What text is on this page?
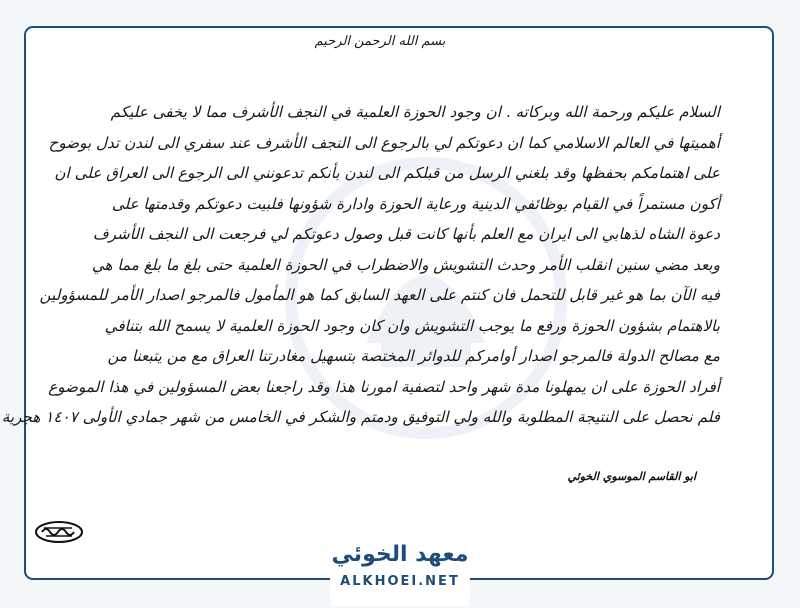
بسم الله الرحمن الرحيم
السلام عليكم ورحمة الله وبركاته . ان وجود الحوزة العلمية في النجف الأشرف مما لا يخفى عليكم
أهميتها في العالم الاسلامي كما ان دعوتكم لي بالرجوع الى النجف الأشرف عند سفري الى لندن تدل بوضوح
على اهتمامكم بحفظها وقد بلغني الرسل من قبلكم الى لندن بأنكم تدعونني الى الرجوع الى العراق على ان
أكون مستمراً في القيام بوظائفي الدينية ورعاية الحوزة وادارة شؤونها فلبيت دعوتكم وقدمتها على
دعوة الشاه لذهابي الى ايران مع العلم بأنها كانت قبل وصول دعوتكم لي فرجعت الى النجف الأشرف
وبعد مضي سنين انقلب الأمر وحدث التشويش والاضطراب في الحوزة العلمية حتى بلغ ما بلغ مما هي
فيه الآن بما هو غير قابل للتحمل فان كنتم على العهد السابق كما هو المأمول فالمرجو اصدار الأمر للمسؤولين
بالاهتمام بشؤون الحوزة ورفع ما يوجب التشويش وان كان وجود الحوزة العلمية لا يسمح الله بتنافي
مع مصالح الدولة فالمرجو اصدار أوامركم للدوائر المختصة بتسهيل مغادرتنا العراق مع من يتبعنا من
أفراد الحوزة على ان يمهلونا مدة شهر واحد لتصفية امورنا هذا وقد راجعنا بعض المسؤولين في هذا الموضوع
فلم نحصل على النتيجة المطلوبة والله ولي التوفيق ودمتم والشكر في الخامس من شهر جمادي الأولى ١٤٠٧ هجرية
ابو القاسم الموسوي الخوئي
معهد الخوئي
ALKHOEI.NET
